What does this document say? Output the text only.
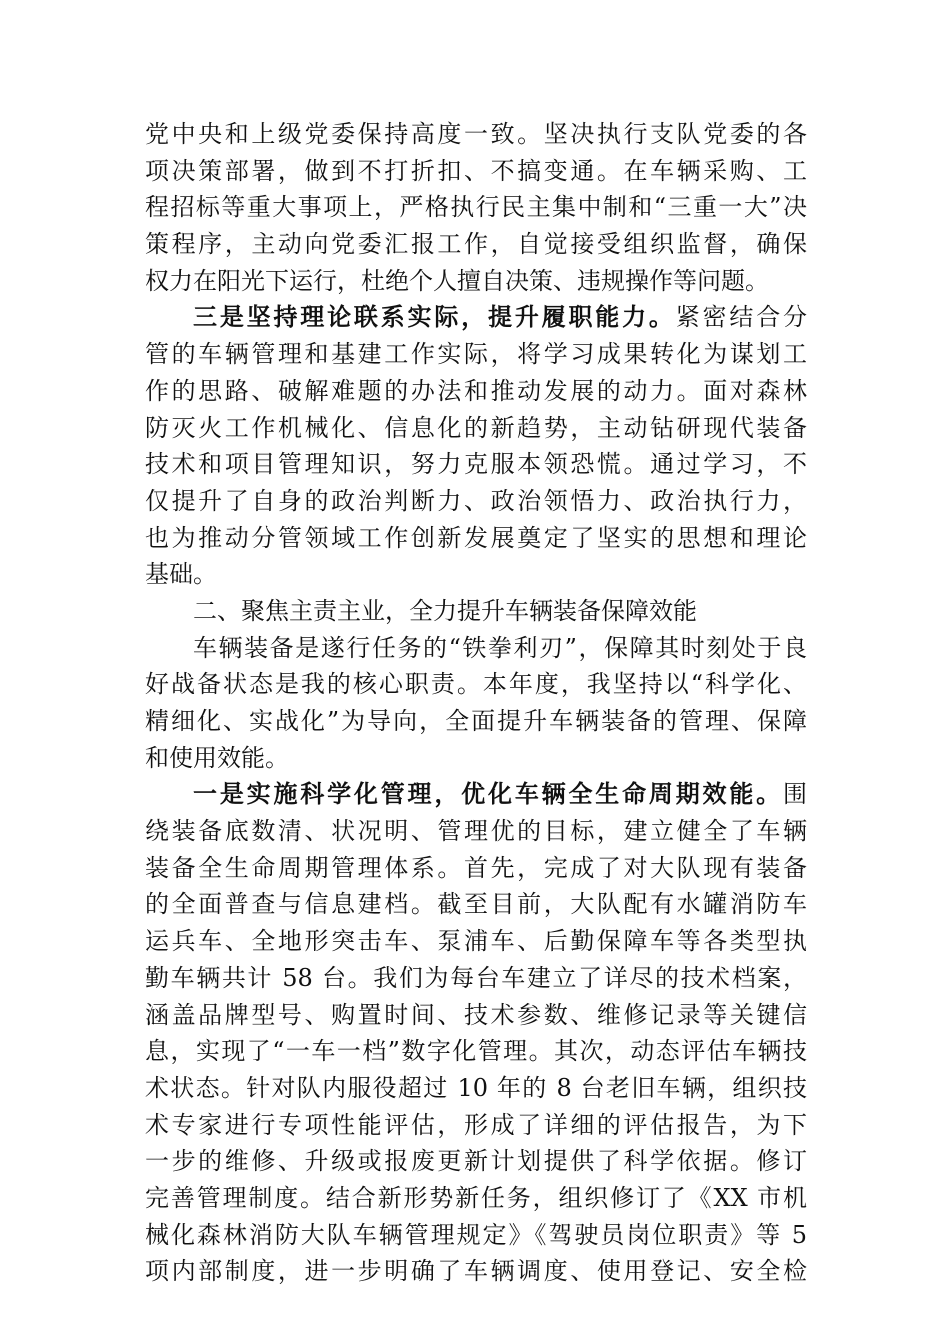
党中央和上级党委保持高度一致。坚决执行支队党委的各
项决策部署，做到不打折扣、不搞变通。在车辆采购、工
程招标等重大事项上，严格执行民主集中制和“三重一大”决
策程序，主动向党委汇报工作，自觉接受组织监督，确保
权力在阳光下运行，杜绝个人擅自决策、违规操作等问题。
三是坚持理论联系实际，提升履职能力。紧密结合分
管的车辆管理和基建工作实际，将学习成果转化为谋划工
作的思路、破解难题的办法和推动发展的动力。面对森林
防灭火工作机械化、信息化的新趋势，主动钻研现代装备
技术和项目管理知识，努力克服本领恐慌。通过学习，不
仅提升了自身的政治判断力、政治领悟力、政治执行力，
也为推动分管领域工作创新发展奠定了坚实的思想和理论
基础。
二、聚焦主责主业，全力提升车辆装备保障效能
车辆装备是遂行任务的“铁拳利刃”，保障其时刻处于良
好战备状态是我的核心职责。本年度，我坚持以“科学化、
精细化、实战化”为导向，全面提升车辆装备的管理、保障
和使用效能。
一是实施科学化管理，优化车辆全生命周期效能。围
绕装备底数清、状况明、管理优的目标，建立健全了车辆
装备全生命周期管理体系。首先，完成了对大队现有装备
的全面普查与信息建档。截至目前，大队配有水罐消防车
运兵车、全地形突击车、泵浦车、后勤保障车等各类型执
勤车辆共计 58 台。我们为每台车建立了详尽的技术档案，
涵盖品牌型号、购置时间、技术参数、维修记录等关键信
息，实现了“一车一档”数字化管理。其次，动态评估车辆技
术状态。针对队内服役超过 10 年的 8 台老旧车辆，组织技
术专家进行专项性能评估，形成了详细的评估报告，为下
一步的维修、升级或报废更新计划提供了科学依据。修订
完善管理制度。结合新形势新任务，组织修订了《XX 市机
械化森林消防大队车辆管理规定》《驾驶员岗位职责》等 5
项内部制度，进一步明确了车辆调度、使用登记、安全检
